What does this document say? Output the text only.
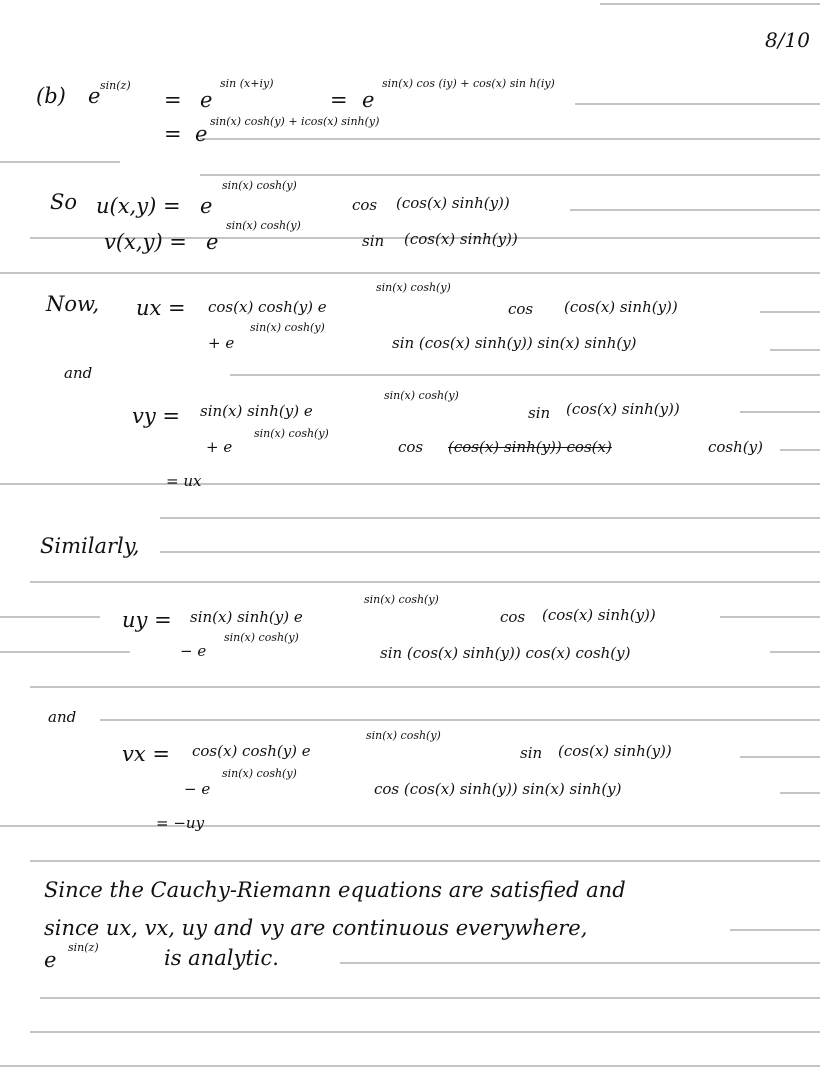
8/10
(b) e sin(z)
= e
sin (x+iy)
= e
sin(x) cos (iy) + cos(x) sin h(iy)
= e
sin(x) cosh(y) + icos(x) sinh(y)
So u(x,y) = e
sin(x) cosh(y)
cos (cos(x) sinh(y))
v(x,y) = e
sin(x) cosh(y)
sin (cos(x) sinh(y))
Now, ux = cos(x) cosh(y) e
sin(x) cosh(y)
cos (cos(x) sinh(y))
+ e
sin(x) cosh(y)
sin (cos(x) sinh(y)) sin(x) sinh(y)
and
vy = sin(x) sinh(y) e
sin(x) cosh(y)
sin (cos(x) sinh(y))
+ e
sin(x) cosh(y)
cos (cos(x) sinh(y)) cos(x)	cosh(y)
= ux
Similarly,
uy = sin(x) sinh(y) e
sin(x) cosh(y)
cos (cos(x) sinh(y))
− e
sin(x) cosh(y)
sin (cos(x) sinh(y)) cos(x) cosh(y)
and
vx = cos(x) cosh(y) e
sin(x) cosh(y)
sin (cos(x) sinh(y))
− e
sin(x) cosh(y)
cos (cos(x) sinh(y)) sin(x) sinh(y)
= −uy
Since the Cauchy-Riemann equations are satisfied and
since ux, vx, uy and vy are continuous everywhere,
e
sin(z)	is analytic.
